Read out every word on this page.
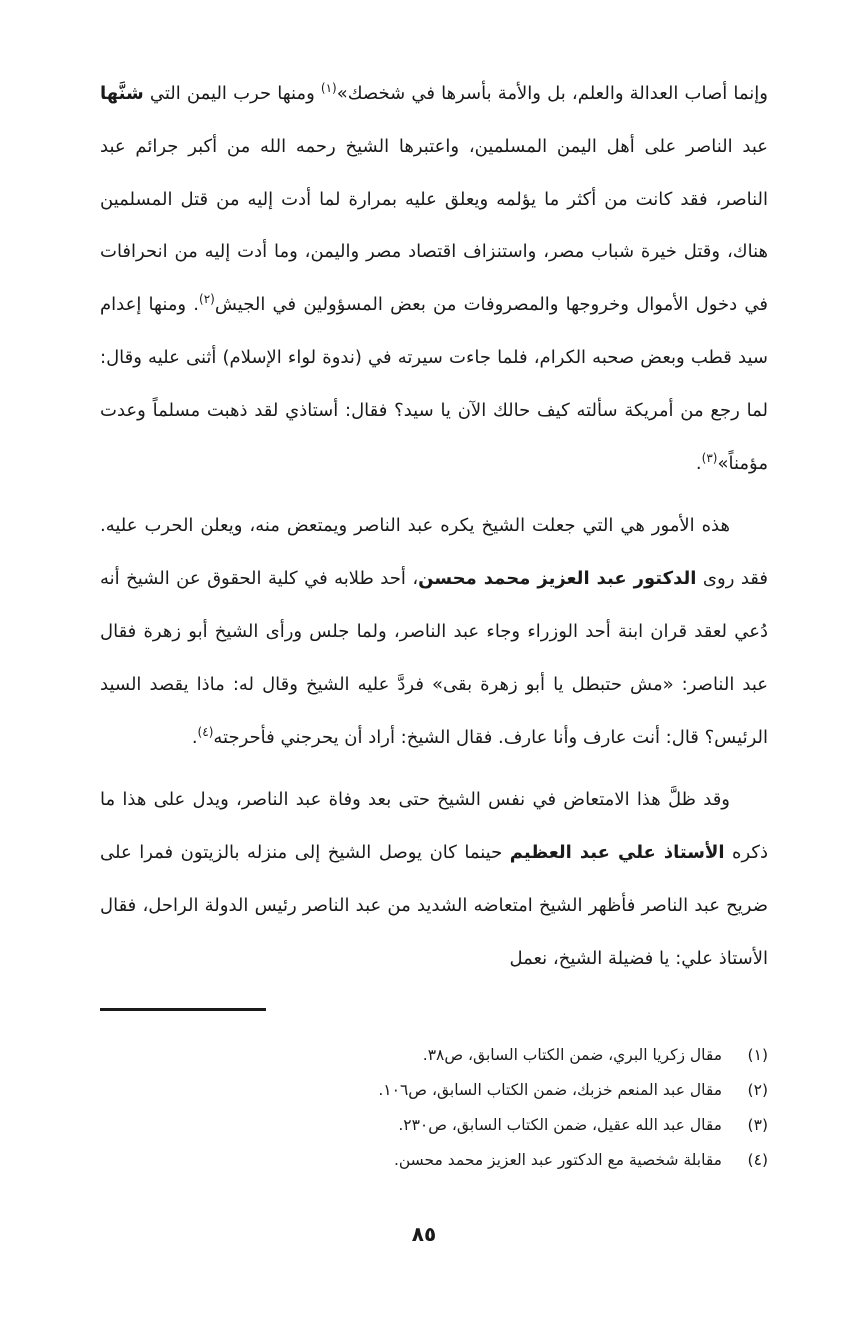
وإنما أصاب العدالة والعلم، بل والأمة بأسرها في شخصك»$^{(١)}$ ومنها حرب اليمن التي شنَّها عبد الناصر على أهل اليمن المسلمين، واعتبرها الشيخ رحمه الله من أكبر جرائم عبد الناصر، فقد كانت من أكثر ما يؤلمه ويعلق عليه بمرارة لما أدت إليه من قتل المسلمين هناك، وقتل خيرة شباب مصر، واستنزاف اقتصاد مصر واليمن، وما أدت إليه من انحرافات في دخول الأموال وخروجها والمصروفات من بعض المسؤولين في الجيش$^{(٢)}$. ومنها إعدام سيد قطب وبعض صحبه الكرام، فلما جاءت سيرته في (ندوة لواء الإسلام) أثنى عليه وقال: لما رجع من أمريكة سألته كيف حالك الآن يا سيد؟ فقال: أستاذي لقد ذهبت مسلماً وعدت مؤمناً»$^{(٣)}$.

هذه الأمور هي التي جعلت الشيخ يكره عبد الناصر ويمتعض منه، ويعلن الحرب عليه. فقد روى الدكتور عبد العزيز محمد محسن، أحد طلابه في كلية الحقوق عن الشيخ أنه دُعي لعقد قران ابنة أحد الوزراء وجاء عبد الناصر، ولما جلس ورأى الشيخ أبو زهرة فقال عبد الناصر: «مش حتبطل يا أبو زهرة بقى» فردَّ عليه الشيخ وقال له: ماذا يقصد السيد الرئيس؟ قال: أنت عارف وأنا عارف. فقال الشيخ: أراد أن يحرجني فأحرجته$^{(٤)}$.

وقد ظلَّ هذا الامتعاض في نفس الشيخ حتى بعد وفاة عبد الناصر، ويدل على هذا ما ذكره الأستاذ علي عبد العظيم حينما كان يوصل الشيخ إلى منزله بالزيتون فمرا على ضريح عبد الناصر فأظهر الشيخ امتعاضه الشديد من عبد الناصر رئيس الدولة الراحل، فقال الأستاذ علي: يا فضيلة الشيخ، نعمل

(١)
مقال زكريا البري، ضمن الكتاب السابق، ص٣٨.
(٢)
مقال عبد المنعم خزبك، ضمن الكتاب السابق، ص١٠٦.
(٣)
مقال عبد الله عقيل، ضمن الكتاب السابق، ص٢٣٠.
(٤)
مقابلة شخصية مع الدكتور عبد العزيز محمد محسن.
٨٥
